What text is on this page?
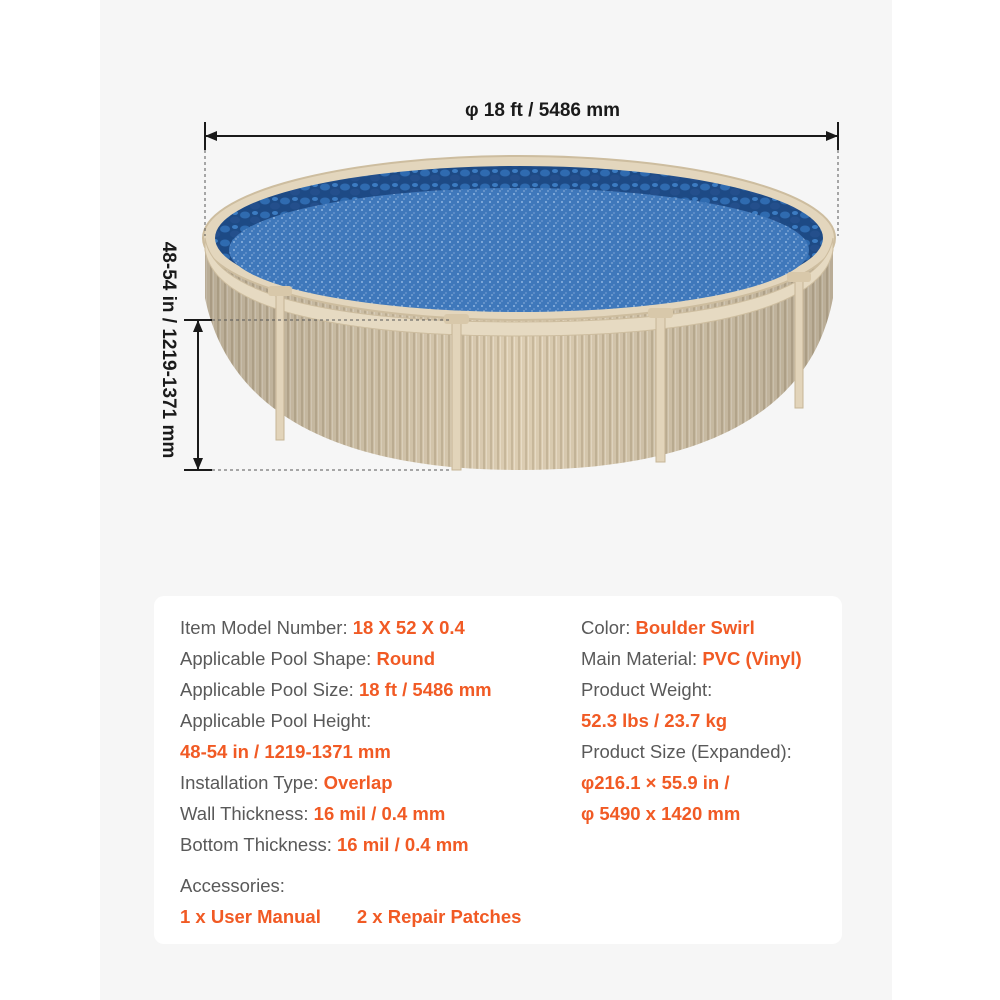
φ 18 ft / 5486 mm
48-54 in / 1219-1371 mm
Item Model Number: 18 X 52 X 0.4
Applicable Pool Shape: Round
Applicable Pool Size: 18 ft / 5486 mm
Applicable Pool Height:
48-54 in / 1219-1371 mm
Installation Type: Overlap
Wall Thickness: 16 mil / 0.4 mm
Bottom Thickness: 16 mil / 0.4 mm
Accessories:
1 x User Manual 2 x Repair Patches
Color: Boulder Swirl
Main Material: PVC (Vinyl)
Product Weight:
52.3 lbs / 23.7 kg
Product Size (Expanded):
φ216.1 × 55.9 in /
φ 5490 x 1420 mm
